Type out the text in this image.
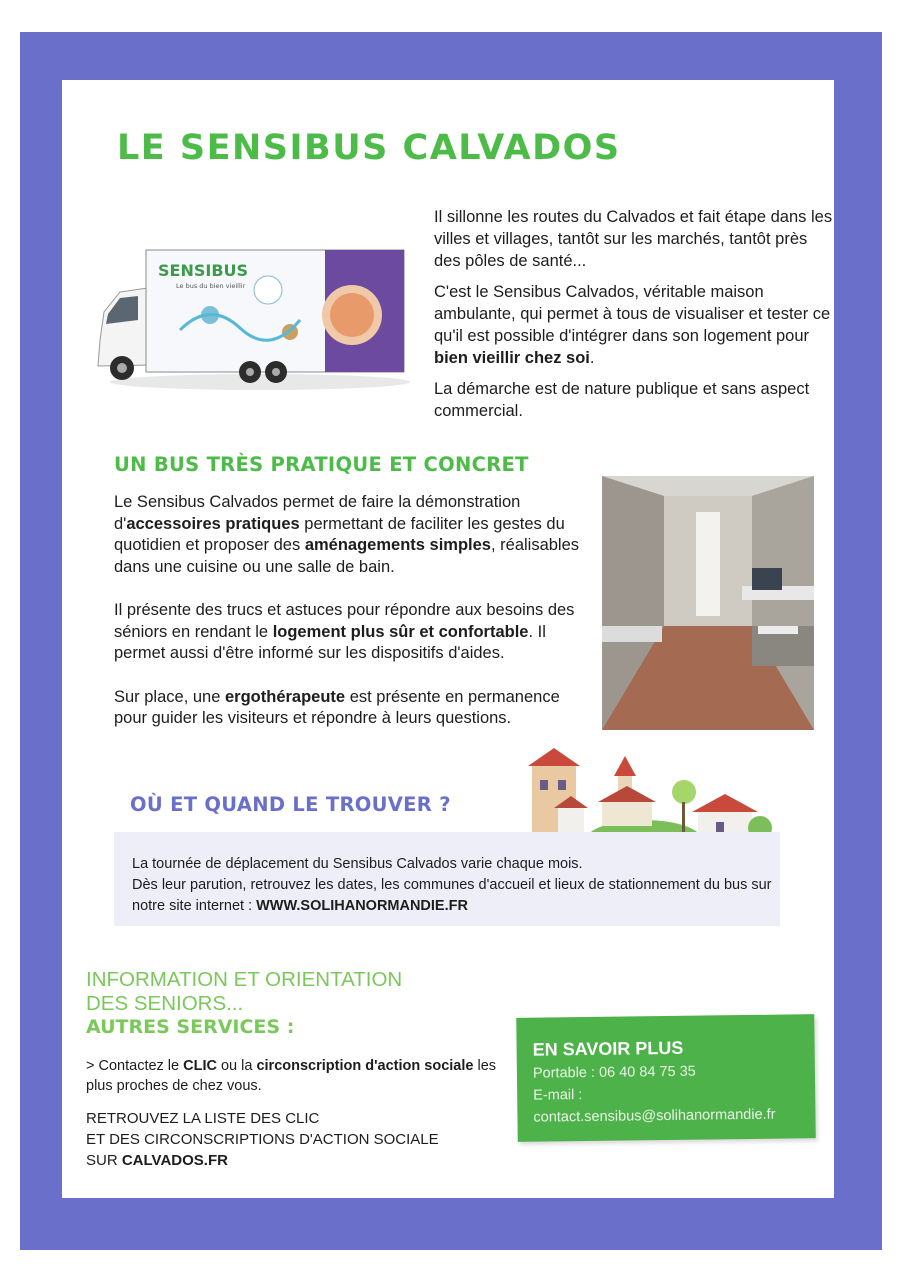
LE SENSIBUS CALVADOS
SENSIBUS
Le bus du bien vieillir

Il sillonne les routes du Calvados et fait étape dans les villes et villages, tantôt sur les marchés, tantôt près des pôles de santé...

C'est le Sensibus Calvados, véritable maison ambulante, qui permet à tous de visualiser et tester ce qu'il est possible d'intégrer dans son logement pour bien vieillir chez soi.

La démarche est de nature publique et sans aspect commercial.

UN BUS TRÈS PRATIQUE ET CONCRET

Le Sensibus Calvados permet de faire la démonstration d'accessoires pratiques permettant de faciliter les gestes du quotidien et proposer des aménagements simples, réalisables dans une cuisine ou une salle de bain.

Il présente des trucs et astuces pour répondre aux besoins des séniors en rendant le logement plus sûr et confortable. Il permet aussi d'être informé sur les dispositifs d'aides.

Sur place, une ergothérapeute est présente en permanence pour guider les visiteurs et répondre à leurs questions.

OÙ ET QUAND LE TROUVER ?
La tournée de déplacement du Sensibus Calvados varie chaque mois.
Dès leur parution, retrouvez les dates, les communes d'accueil et lieux de stationnement du bus sur notre site internet : WWW.SOLIHANORMANDIE.FR
INFORMATION ET ORIENTATION
DES SENIORS...
AUTRES SERVICES :
> Contactez le CLIC ou la circonscription d'action sociale les plus proches de chez vous.
RETROUVEZ LA LISTE DES CLIC
ET DES CIRCONSCRIPTIONS D'ACTION SOCIALE
SUR CALVADOS.FR
EN SAVOIR PLUS
Portable : 06 40 84 75 35
E-mail :
contact.sensibus@solihanormandie.fr
